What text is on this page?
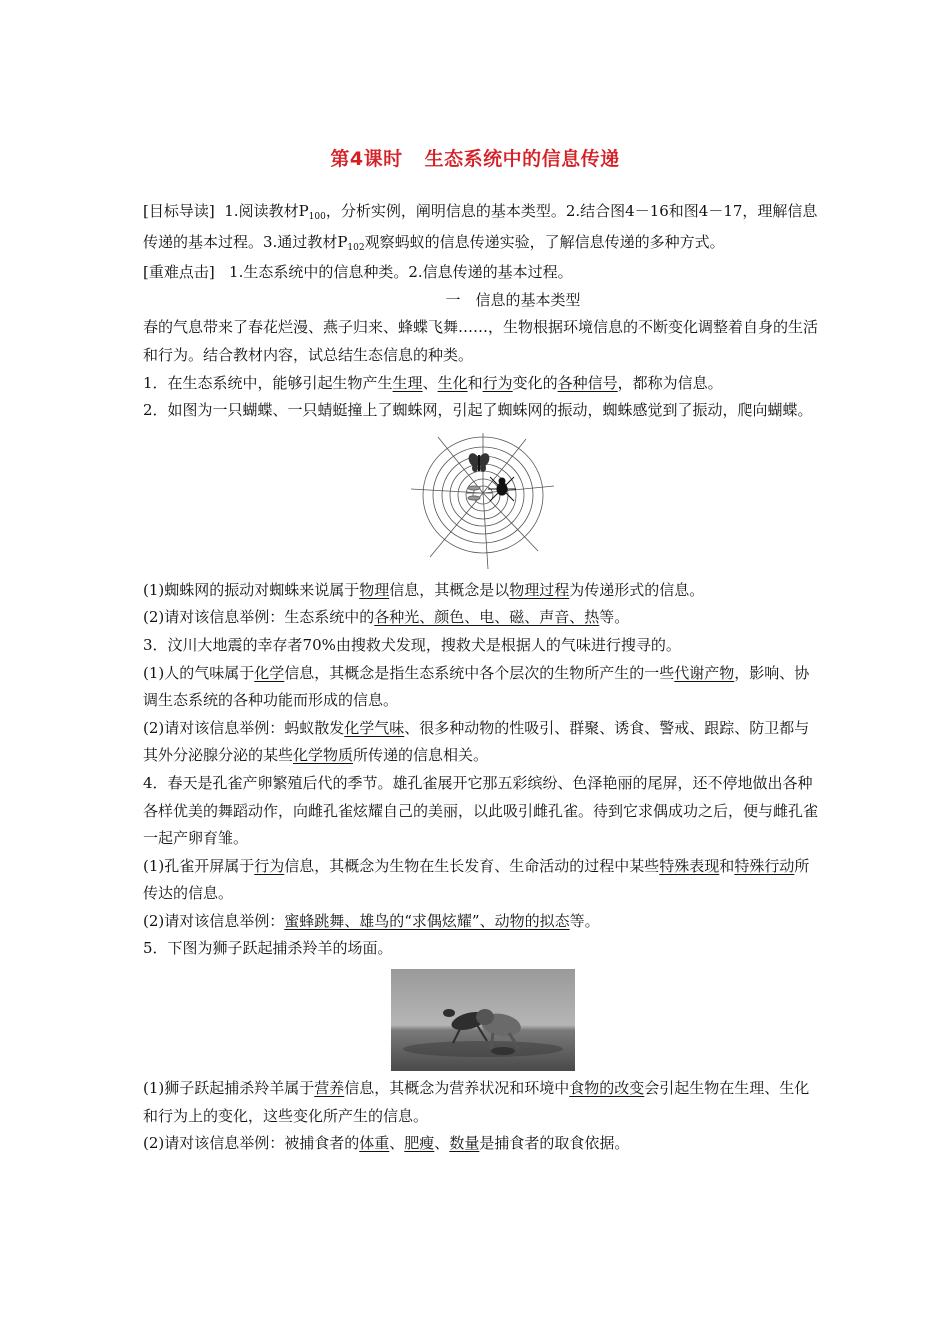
第4课时 生态系统中的信息传递

[目标导读] 1.阅读教材$P_{100}$，分析实例，阐明信息的基本类型。2.结合图4－16和图4－17，理解信息传递的基本过程。3.通过教材$P_{102}$观察蚂蚁的信息传递实验，了解信息传递的多种方式。

[重难点击] 1.生态系统中的信息种类。2.信息传递的基本过程。

一　信息的基本类型

春的气息带来了春花烂漫、燕子归来、蜂蝶飞舞……，生物根据环境信息的不断变化调整着自身的生活和行为。结合教材内容，试总结生态信息的种类。

1．在生态系统中，能够引起生物产生生理、生化和行为变化的各种信号，都称为信息。

2．如图为一只蝴蝶、一只蜻蜓撞上了蜘蛛网，引起了蜘蛛网的振动，蜘蛛感觉到了振动，爬向蝴蝶。

(1)蜘蛛网的振动对蜘蛛来说属于物理信息，其概念是以物理过程为传递形式的信息。

(2)请对该信息举例：生态系统中的各种光、颜色、电、磁、声音、热等。

3．汶川大地震的幸存者70%由搜救犬发现，搜救犬是根据人的气味进行搜寻的。

(1)人的气味属于化学信息，其概念是指生态系统中各个层次的生物所产生的一些代谢产物，影响、协调生态系统的各种功能而形成的信息。

(2)请对该信息举例：蚂蚁散发化学气味、很多种动物的性吸引、群聚、诱食、警戒、跟踪、防卫都与其外分泌腺分泌的某些化学物质所传递的信息相关。

4．春天是孔雀产卵繁殖后代的季节。雄孔雀展开它那五彩缤纷、色泽艳丽的尾屏，还不停地做出各种各样优美的舞蹈动作，向雌孔雀炫耀自己的美丽，以此吸引雌孔雀。待到它求偶成功之后，便与雌孔雀一起产卵育雏。

(1)孔雀开屏属于行为信息，其概念为生物在生长发育、生命活动的过程中某些特殊表现和特殊行动所传达的信息。

(2)请对该信息举例：蜜蜂跳舞、雄鸟的“求偶炫耀”、动物的拟态等。

5．下图为狮子跃起捕杀羚羊的场面。

(1)狮子跃起捕杀羚羊属于营养信息，其概念为营养状况和环境中食物的改变会引起生物在生理、生化和行为上的变化，这些变化所产生的信息。

(2)请对该信息举例：被捕食者的体重、肥瘦、数量是捕食者的取食依据。
